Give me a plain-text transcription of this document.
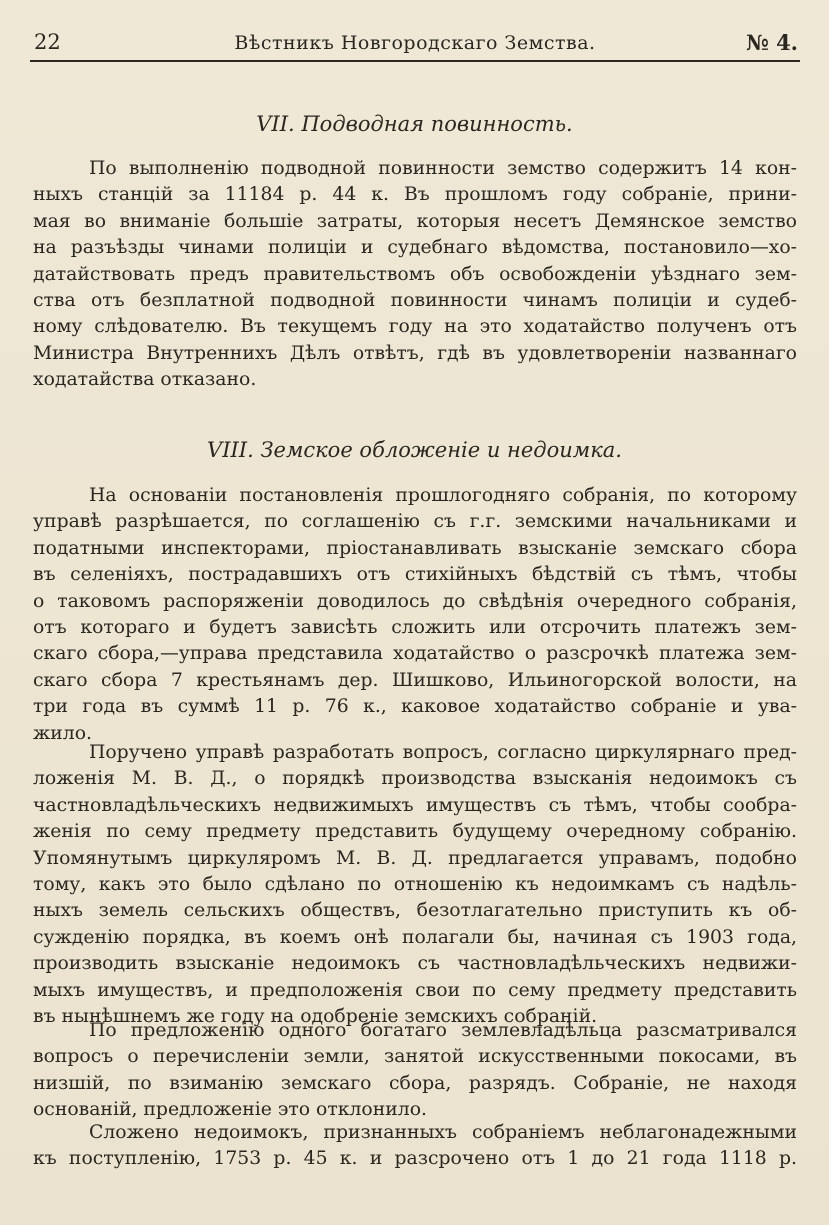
22	Вѣстникъ Новгородскаго Земства.	№ 4.
VII. Подводная повинность.
По выполненію подводной повинности земство содержитъ 14 кон-
ныхъ станцій за 11184 р. 44 к. Въ прошломъ году собраніе, прини-
мая во вниманіе большіе затраты, которыя несетъ Демянское земство
на разъѣзды чинами полиціи и судебнаго вѣдомства, постановило—хо-
датайствовать предъ правительствомъ объ освобожденіи уѣзднаго зем-
ства отъ безплатной подводной повинности чинамъ полиціи и судеб-
ному слѣдователю. Въ текущемъ году на это ходатайство полученъ отъ
Министра Внутреннихъ Дѣлъ отвѣтъ, гдѣ въ удовлетвореніи названнаго
ходатайства отказано.
VIII. Земское обложеніе и недоимка.
На основаніи постановленія прошлогодняго собранія, по которому
управѣ разрѣшается, по соглашенію съ г.г. земскими начальниками и
податными инспекторами, пріостанавливать взысканіе земскаго сбора
въ селеніяхъ, пострадавшихъ отъ стихійныхъ бѣдствій съ тѣмъ, чтобы
о таковомъ распоряженіи доводилось до свѣдѣнія очередного собранія,
отъ котораго и будетъ зависѣть сложить или отсрочить платежъ зем-
скаго сбора,—управа представила ходатайство о разсрочкѣ платежа зем-
скаго сбора 7 крестьянамъ дер. Шишково, Ильиногорской волости, на
три года въ суммѣ 11 р. 76 к., каковое ходатайство собраніе и ува-
жило.
Поручено управѣ разработать вопросъ, согласно циркулярнаго пред-
ложенія М. В. Д., о порядкѣ производства взысканія недоимокъ съ
частновладѣльческихъ недвижимыхъ имуществъ съ тѣмъ, чтобы сообра-
женія по сему предмету представить будущему очередному собранію.
Упомянутымъ циркуляромъ М. В. Д. предлагается управамъ, подобно
тому, какъ это было сдѣлано по отношенію къ недоимкамъ съ надѣль-
ныхъ земель сельскихъ обществъ, безотлагательно приступить къ об-
сужденію порядка, въ коемъ онѣ полагали бы, начиная съ 1903 года,
производить взысканіе недоимокъ съ частновладѣльческихъ недвижи-
мыхъ имуществъ, и предположенія свои по сему предмету представить
въ нынѣшнемъ же году на одобреніе земскихъ собраній.
По предложенію одного богатаго землевладѣльца разсматривался
вопросъ о перечисленіи земли, занятой искусственными покосами, въ
низшій, по взиманію земскаго сбора, разрядъ. Собраніе, не находя
основаній, предложеніе это отклонило.
Сложено недоимокъ, признанныхъ собраніемъ неблагонадежными
къ поступленію, 1753 р. 45 к. и разсрочено отъ 1 до 21 года 1118 р.
